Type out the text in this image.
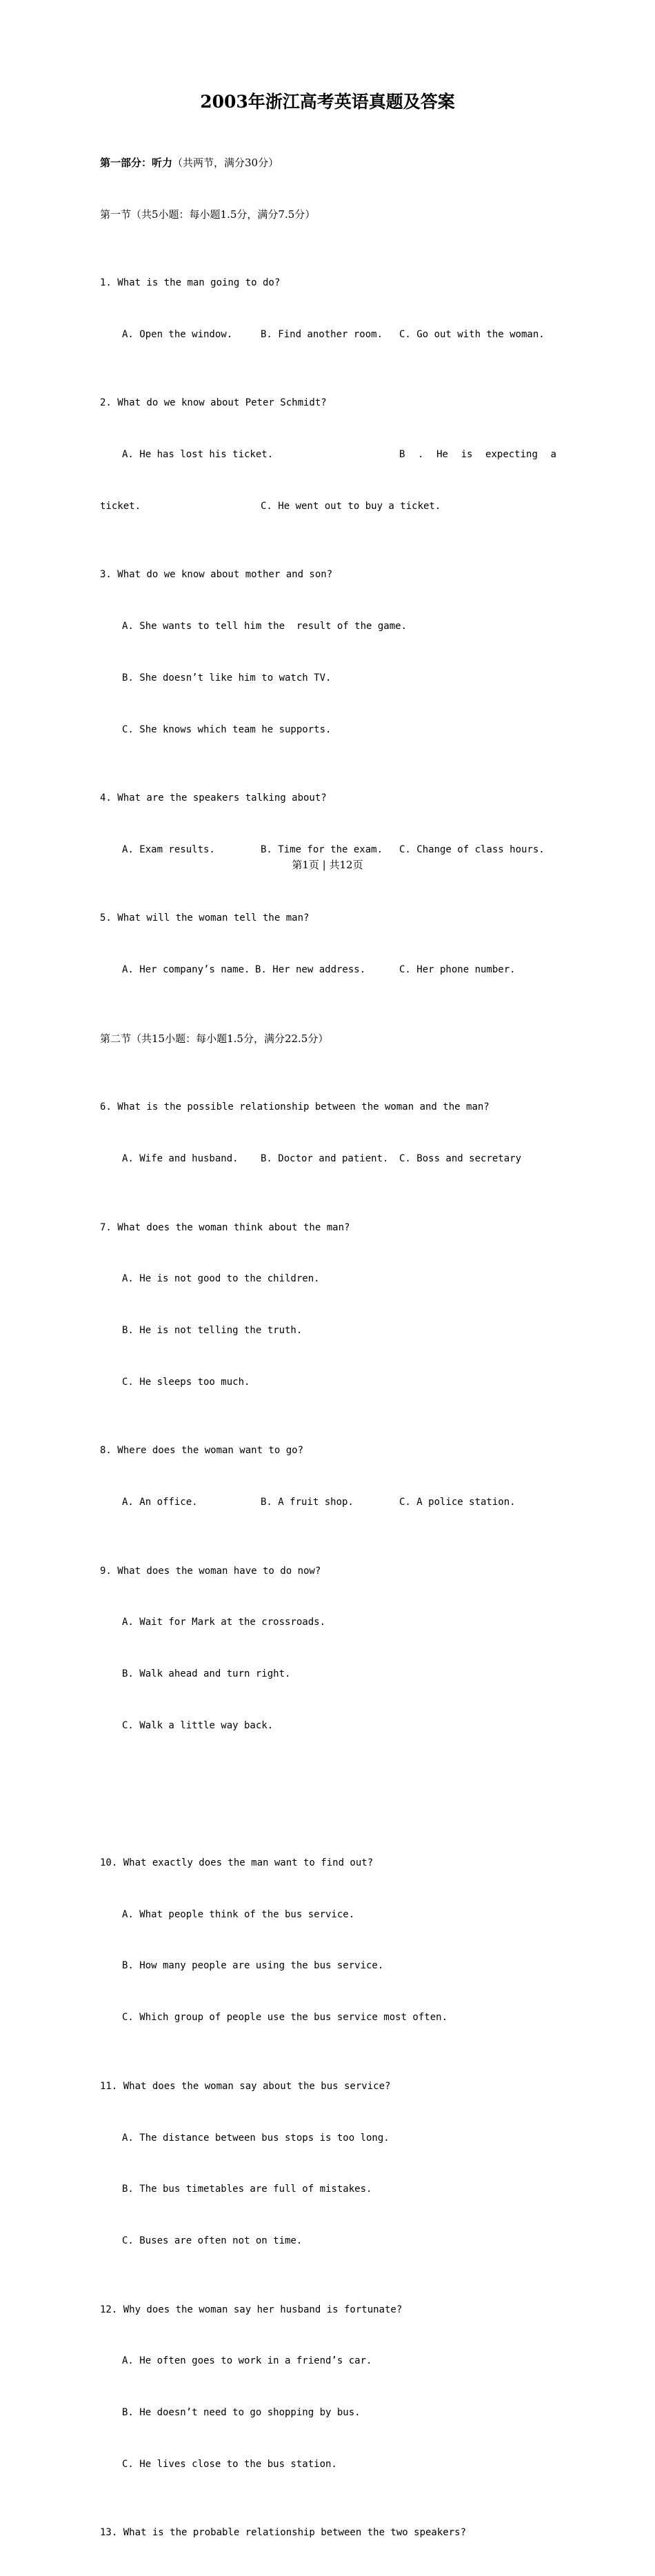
2003年浙江高考英语真题及答案

第一部分：听力（共两节，满分30分）

第一节（共5小题：每小题1.5分，满分7.5分）

1. What is the man going to do?

A. Open the window.	B. Find another room.	C. Go out with the woman.

2. What do we know about Peter Schmidt?

A. He has lost his ticket.	B . He is expecting a

ticket.	C. He went out to buy a ticket.

3. What do we know about mother and son?

A. She wants to tell him the  result of the game.

B. She doesn’t like him to watch TV.

C. She knows which team he supports.

4. What are the speakers talking about?

A. Exam results.	B. Time for the exam.	C. Change of class hours.

5. What will the woman tell the man?

A. Her company’s name. B. Her new address.	C. Her phone number.

第二节（共15小题：每小题1.5分，满分22.5分）

6. What is the possible relationship between the woman and the man?

A. Wife and husband.	B. Doctor and patient.	C. Boss and secretary

7. What does the woman think about the man?

A. He is not good to the children.

B. He is not telling the truth.

C. He sleeps too much.

8. Where does the woman want to go?

A. An office.	B. A fruit shop.	C. A police station.

9. What does the woman have to do now?

A. Wait for Mark at the crossroads.

B. Walk ahead and turn right.

C. Walk a little way back.

10. What exactly does the man want to find out?

A. What people think of the bus service.

B. How many people are using the bus service.

C. Which group of people use the bus service most often.

11. What does the woman say about the bus service?

A. The distance between bus stops is too long.

B. The bus timetables are full of mistakes.

C. Buses are often not on time.

12. Why does the woman say her husband is fortunate?

A. He often goes to work in a friend’s car.

B. He doesn’t need to go shopping by bus.

C. He lives close to the bus station.

13. What is the probable relationship between the two speakers?

第1页 | 共12页
